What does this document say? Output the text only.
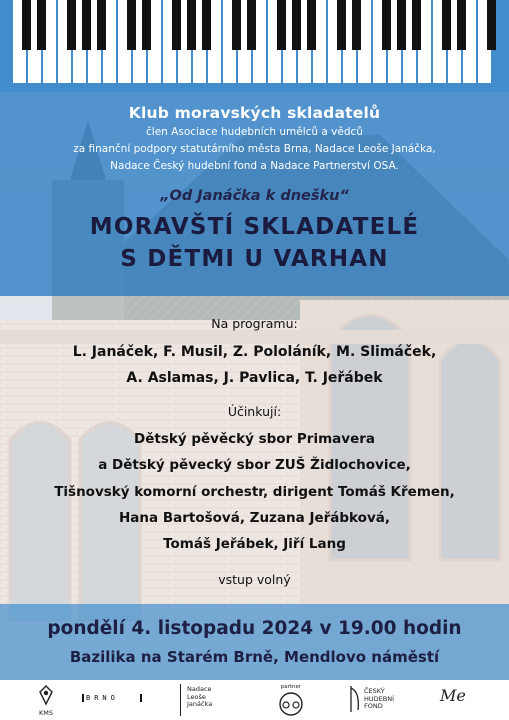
Klub moravských skladatelů
člen Asociace hudebních umělců a vědců
za finanční podpory statutárního města Brna, Nadace Leoše Janáčka,
Nadace Český hudební fond a Nadace Partnerství OSA.
„Od Janáčka k dnešku“
MORAVŠTÍ SKLADATELÉ
S DĚTMI U VARHAN
Na programu:
L. Janáček, F. Musil, Z. Pololáník, M. Slimáček,
A. Aslamas, J. Pavlica, T. Jeřábek
Účinkují:
Dětský pěvěcký sbor Primavera
a Dětský pěvecký sbor ZUŠ Židlochovice,
Tišnovský komorní orchestr, dirigent Tomáš Křemen,
Hana Bartošová, Zuzana Jeřábková,
Tomáš Jeřábek, Jiří Lang
vstup volný
pondělí 4. listopadu 2024 v 19.00 hodin
Bazilika na Starém Brně, Mendlovo náměstí
KMS
BRNO
Nadace
Leoše
Janáčka
partner	ČESKÝ
HUDEBNÍ
FOND
Me
